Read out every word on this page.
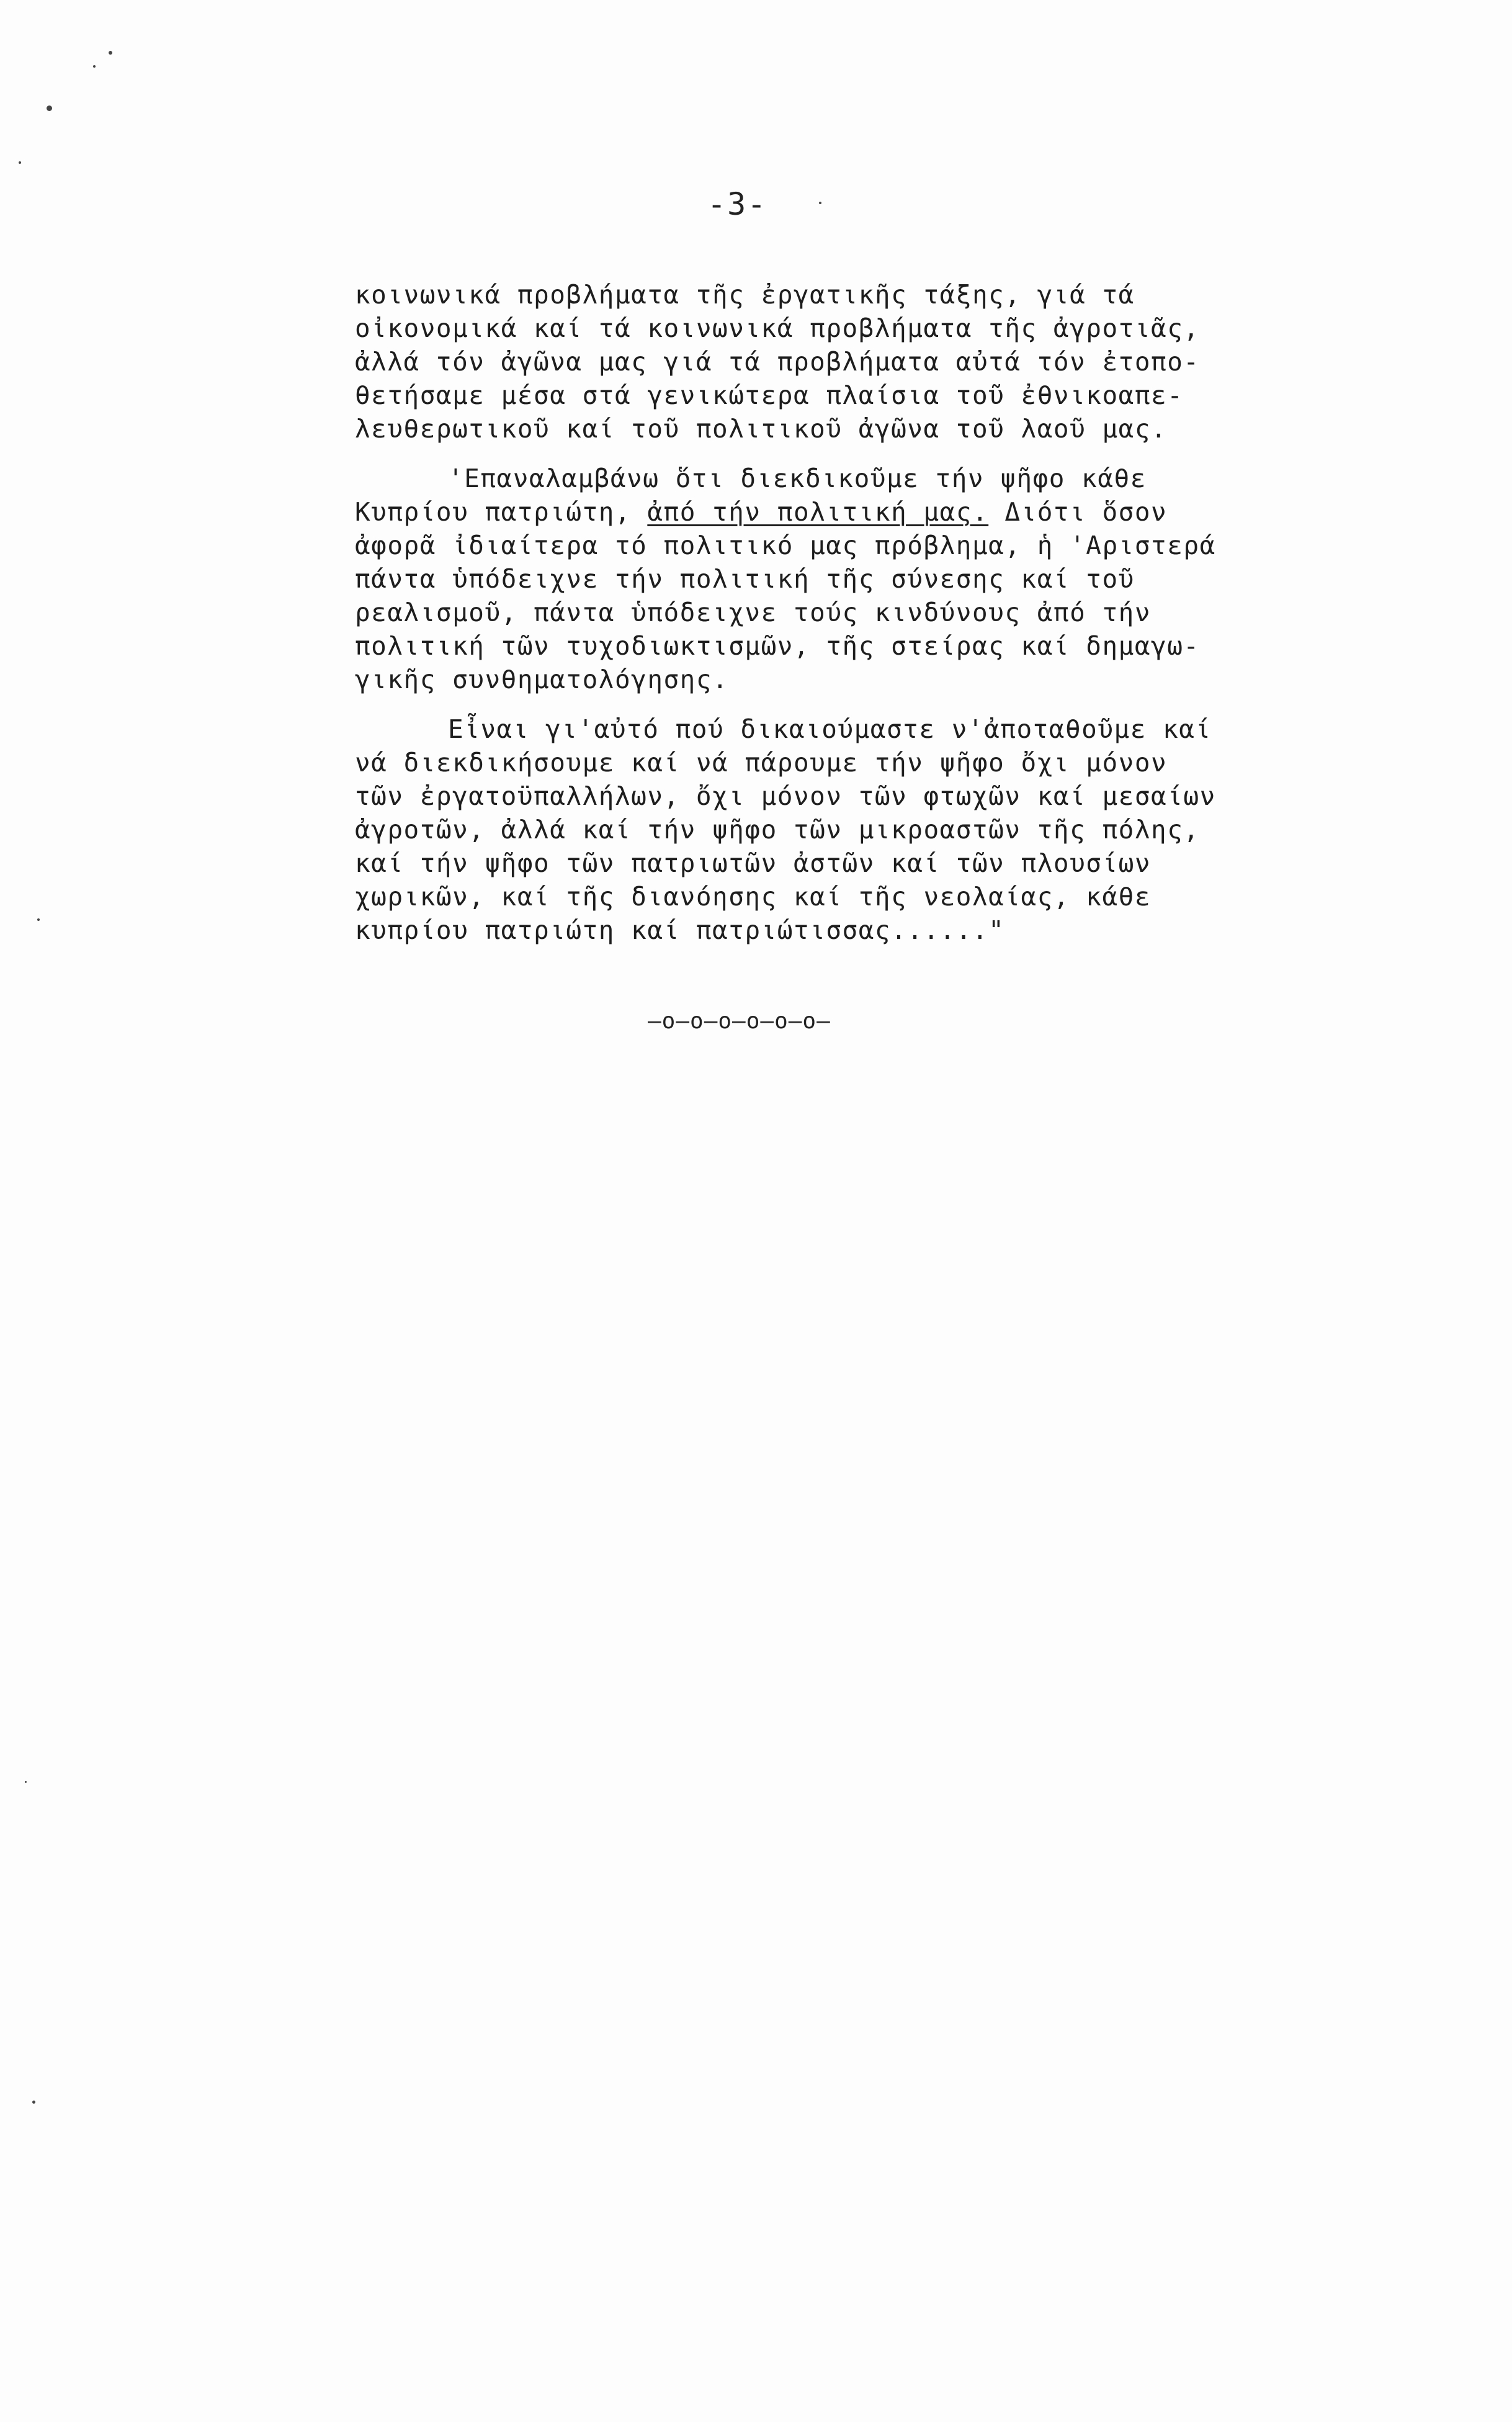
-3-
κοινωνικά προβλήματα τῆς ἐργατικῆς τάξης, γιά τά
οἰκονομικά καί τά κοινωνικά προβλήματα τῆς ἀγροτιᾶς,
ἀλλά τόν ἀγῶνα μας γιά τά προβλήματα αὐτά τόν ἐτοπο-
θετήσαμε μέσα στά γενικώτερα πλαίσια τοῦ ἐθνικοαπε-
λευθερωτικοῦ καί τοῦ πολιτικοῦ ἀγῶνα τοῦ λαοῦ μας.
'Επαναλαμβάνω ὅτι διεκδικοῦμε τήν ψῆφο κάθε
Κυπρίου πατριώτη, ἀπό τήν πολιτική μας. Διότι ὅσον
ἀφορᾶ ἰδιαίτερα τό πολιτικό μας πρόβλημα, ἡ 'Αριστερά
πάντα ὑπόδειχνε τήν πολιτική τῆς σύνεσης καί τοῦ
ρεαλισμοῦ, πάντα ὑπόδειχνε τούς κινδύνους ἀπό τήν
πολιτική τῶν τυχοδιωκτισμῶν, τῆς στείρας καί δημαγω-
γικῆς συνθηματολόγησης.
Εἶναι γι'αὐτό πού δικαιούμαστε ν'ἀποταθοῦμε καί
νά διεκδικήσουμε καί νά πάρουμε τήν ψῆφο ὄχι μόνον
τῶν ἐργατοϋπαλλήλων, ὄχι μόνον τῶν φτωχῶν καί μεσαίων
ἀγροτῶν, ἀλλά καί τήν ψῆφο τῶν μικροαστῶν τῆς πόλης,
καί τήν ψῆφο τῶν πατριωτῶν ἀστῶν καί τῶν πλουσίων
χωρικῶν, καί τῆς διανόησης καί τῆς νεολαίας, κάθε
κυπρίου πατριώτη καί πατριώτισσας......"
—o—o—o—o—o—o—
